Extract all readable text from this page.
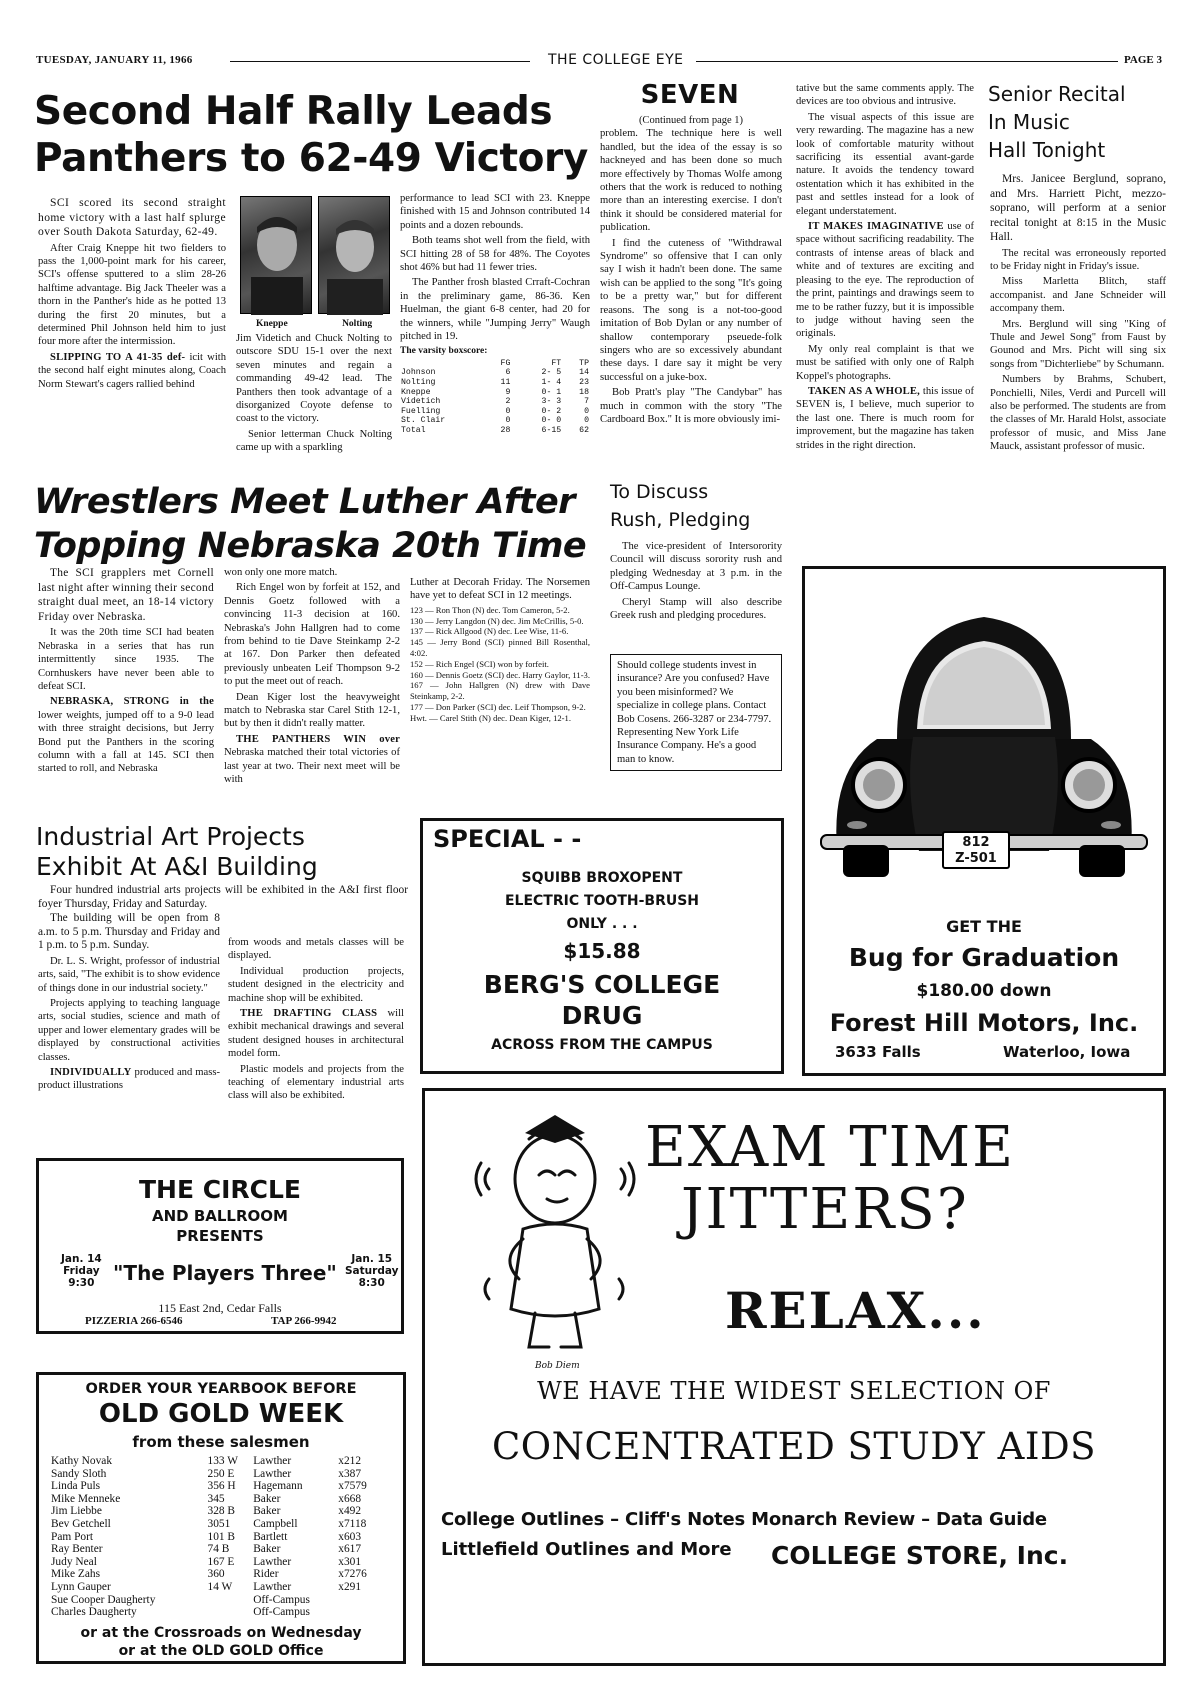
TUESDAY, JANUARY 11, 1966	THE COLLEGE EYE	PAGE 3
Second Half Rally Leads
Panthers to 62-49 Victory

SCI scored its second straight home victory with a last half splurge over South Dakota Saturday, 62-49.

After Craig Kneppe hit two fielders to pass the 1,000-point mark for his career, SCI's offense sputtered to a slim 28-26 halftime advantage. Big Jack Theeler was a thorn in the Panther's hide as he potted 13 during the first 20 minutes, but a determined Phil Johnson held him to just four more after the intermission.

SLIPPING TO A 41-35 def- icit with the second half eight minutes along, Coach Norm Stewart's cagers rallied behind

Kneppe	Nolting

Jim Videtich and Chuck Nolting to outscore SDU 15-1 over the next seven minutes and regain a commanding 49-42 lead. The Panthers then took advantage of a disorganized Coyote defense to coast to the victory.

Senior letterman Chuck Nolting came up with a sparkling

performance to lead SCI with 23. Kneppe finished with 15 and Johnson contributed 14 points and a dozen rebounds.

Both teams shot well from the field, with SCI hitting 28 of 58 for 48%. The Coyotes shot 46% but had 11 fewer tries.

The Panther frosh blasted Crraft-Cochran in the preliminary game, 86-36. Ken Huelman, the giant 6-8 center, had 20 for the winners, while "Jumping Jerry" Waugh pitched in 19.

The varsity boxscore:
	FG	FT	TP
Johnson	6	2- 5	14
Nolting	11	1- 4	23
Kneppe	9	0- 1	18
Videtich	2	3- 3	7
Fuelling	0	0- 2	0
St. Clair	0	0- 0	0
Total	28	6-15	62
Wrestlers Meet Luther After
Topping Nebraska 20th Time

The SCI grapplers met Cornell last night after winning their second straight dual meet, an 18-14 victory Friday over Nebraska.

It was the 20th time SCI had beaten Nebraska in a series that has run intermittently since 1935. The Cornhuskers have never been able to defeat SCI.

NEBRASKA, STRONG in the lower weights, jumped off to a 9-0 lead with three straight decisions, but Jerry Bond put the Panthers in the scoring column with a fall at 145. SCI then started to roll, and Nebraska

won only one more match.

Rich Engel won by forfeit at 152, and Dennis Goetz followed with a convincing 11-3 decision at 160. Nebraska's John Hallgren had to come from behind to tie Dave Steinkamp 2-2 at 167. Don Parker then defeated previously unbeaten Leif Thompson 9-2 to put the meet out of reach.

Dean Kiger lost the heavyweight match to Nebraska star Carel Stith 12-1, but by then it didn't really matter.

THE PANTHERS WIN over Nebraska matched their total victories of last year at two. Their next meet will be with

Luther at Decorah Friday. The Norsemen have yet to defeat SCI in 12 meetings.

123 — Ron Thon (N) dec. Tom Cameron, 5-2.
130 — Jerry Langdon (N) dec. Jim McCrillis, 5-0.
137 — Rick Allgood (N) dec. Lee Wise, 11-6.
145 — Jerry Bond (SCI) pinned Bill Rosenthal, 4:02.
152 — Rich Engel (SCI) won by forfeit.
160 — Dennis Goetz (SCI) dec. Harry Gaylor, 11-3.
167 — John Hallgren (N) drew with Dave Steinkamp, 2-2.
177 — Don Parker (SCI) dec. Leif Thompson, 9-2.
Hwt. — Carel Stith (N) dec. Dean Kiger, 12-1.
SEVEN
(Continued from page 1)

problem. The technique here is well handled, but the idea of the essay is so hackneyed and has been done so much more effectively by Thomas Wolfe among others that the work is reduced to nothing more than an interesting exercise. I don't think it should be considered material for publication.

I find the cuteness of "Withdrawal Syndrome" so offensive that I can only say I wish it hadn't been done. The same wish can be applied to the song "It's going to be a pretty war," but for different reasons. The song is a not-too-good imitation of Bob Dylan or any number of shallow contemporary pseuede-folk singers who are so excessively abundant these days. I dare say it might be very successful on a juke-box.

Bob Pratt's play "The Candybar" has much in common with the story "The Cardboard Box." It is more obviously imi-

tative but the same comments apply. The devices are too obvious and intrusive.

The visual aspects of this issue are very rewarding. The magazine has a new look of comfortable maturity without sacrificing its essential avant-garde nature. It avoids the tendency toward ostentation which it has exhibited in the past and settles instead for a look of elegant understatement.

IT MAKES IMAGINATIVE use of space without sacrificing readability. The contrasts of intense areas of black and white and of textures are exciting and pleasing to the eye. The reproduction of the print, paintings and drawings seem to me to be rather fuzzy, but it is impossible to judge without having seen the originals.

My only real complaint is that we must be satified with only one of Ralph Koppel's photographs.

TAKEN AS A WHOLE, this issue of SEVEN is, I believe, much superior to the last one. There is much room for improvement, but the magazine has taken strides in the right direction.

Senior Recital
In Music
Hall Tonight

Mrs. Janicee Berglund, soprano, and Mrs. Harriett Picht, mezzo-soprano, will perform at a senior recital tonight at 8:15 in the Music Hall.

The recital was erroneously reported to be Friday night in Friday's issue.

Miss Marletta Blitch, staff accompanist. and Jane Schneider will accompany them.

Mrs. Berglund will sing "King of Thule and Jewel Song" from Faust by Gounod and Mrs. Picht will sing six songs from "Dichterliebe" by Schumann.

Numbers by Brahms, Schubert, Ponchielli, Niles, Verdi and Purcell will also be performed. The students are from the classes of Mr. Harald Holst, associate professor of music, and Miss Jane Mauck, assistant professor of music.

To Discuss
Rush, Pledging

The vice-president of Intersorority Council will discuss sorority rush and pledging Wednesday at 3 p.m. in the Off-Campus Lounge.

Cheryl Stamp will also describe Greek rush and pledging procedures.

Should college students invest in insurance? Are you confused? Have you been misinformed? We specialize in college plans. Contact Bob Cosens. 266-3287 or 234-7797. Representing New York Life Insurance Company. He's a good man to know.
Industrial Art Projects
Exhibit At A&I Building

Four hundred industrial arts projects will be exhibited in the A&I first floor foyer Thursday, Friday and Saturday.

The building will be open from 8 a.m. to 5 p.m. Thursday and Friday and 1 p.m. to 5 p.m. Sunday.

Dr. L. S. Wright, professor of industrial arts, said, "The exhibit is to show evidence of things done in our industrial society."

Projects applying to teaching language arts, social studies, science and math of upper and lower elementary grades will be displayed by constructional activities classes.

INDIVIDUALLY produced and mass-product illustrations

from woods and metals classes will be displayed.

Individual production projects, student designed in the electricity and machine shop will be exhibited.

THE DRAFTING CLASS will exhibit mechanical drawings and several student designed houses in architectural model form.

Plastic models and projects from the teaching of elementary industrial arts class will also be exhibited.

SPECIAL - -
SQUIBB BROXOPENT
ELECTRIC TOOTH-BRUSH
ONLY . . .
$15.88
BERG'S COLLEGE
DRUG
ACROSS FROM THE CAMPUS
812
Z-501
GET THE
Bug for Graduation
$180.00 down
Forest Hill Motors, Inc.
3633 Falls	Waterloo, Iowa
THE CIRCLE
AND BALLROOM
PRESENTS
Jan. 14
Friday
9:30 "The Players Three"
Jan. 15
Saturday
8:30
115 East 2nd, Cedar Falls
PIZZERIA 266-6546	TAP 266-9942
ORDER YOUR YEARBOOK BEFORE
OLD GOLD WEEK
from these salesmen
Kathy Novak	133 W	Lawther	x212
Sandy Sloth	250 E	Lawther	x387
Linda Puls	356 H	Hagemann	x7579
Mike Menneke	345	Baker	x668
Jim Liebbe	328 B	Baker	x492
Bev Getchell	3051	Campbell	x7118
Pam Port	101 B	Bartlett	x603
Ray Benter	74 B	Baker	x617
Judy Neal	167 E	Lawther	x301
Mike Zahs	360	Rider	x7276
Lynn Gauper	14 W	Lawther	x291
Sue Cooper Daugherty		Off-Campus	
Charles Daugherty		Off-Campus	
or at the Crossroads on Wednesday
or at the OLD GOLD Office
Bob Diem
EXAM TIME
JITTERS?
RELAX...
WE HAVE THE WIDEST SELECTION OF
CONCENTRATED STUDY AIDS
College Outlines – Cliff's Notes Monarch Review – Data Guide
Littlefield Outlines and More COLLEGE STORE, Inc.
